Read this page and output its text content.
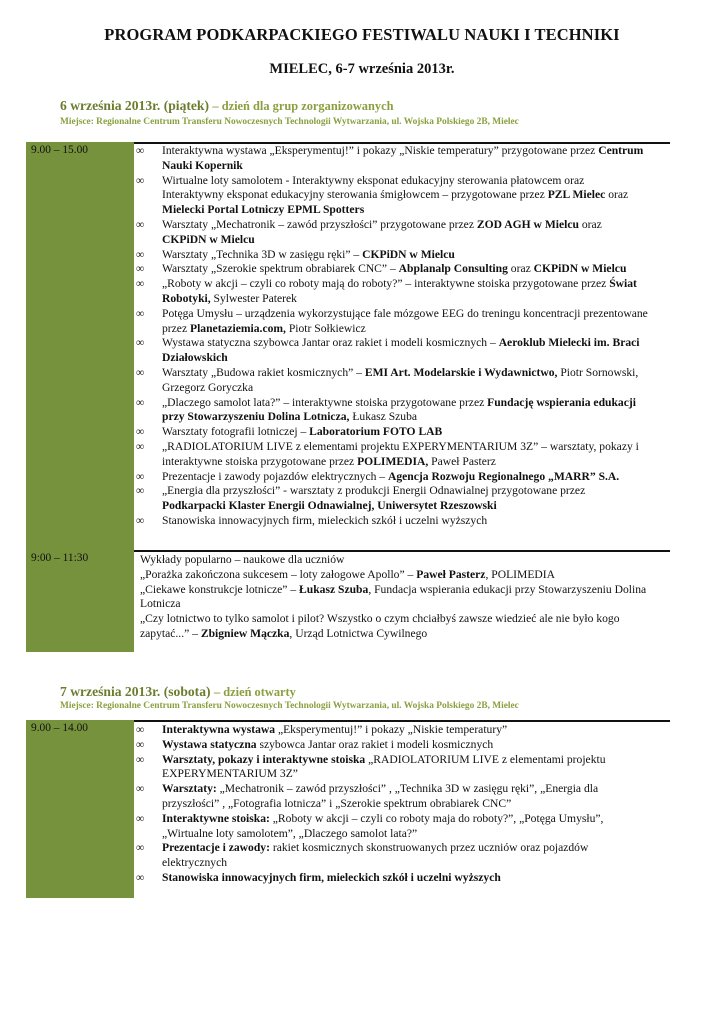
PROGRAM PODKARPACKIEGO FESTIWALU NAUKI I TECHNIKI
MIELEC, 6-7 września 2013r.
6 września 2013r. (piątek) – dzień dla grup zorganizowanych
Miejsce: Regionalne Centrum Transferu Nowoczesnych Technologii Wytwarzania, ul. Wojska Polskiego 2B, Mielec
9.00 – 15.00	∞ Interaktywna wystawa „Eksperymentuj!” i pokazy „Niskie temperatury” przygotowane przez Centrum Nauki Kopernik
∞ Wirtualne loty samolotem - Interaktywny eksponat edukacyjny sterowania płatowcem oraz Interaktywny eksponat edukacyjny sterowania śmigłowcem – przygotowane przez PZL Mielec oraz Mielecki Portal Lotniczy EPML Spotters
∞ Warsztaty „Mechatronik – zawód przyszłości” przygotowane przez ZOD AGH w Mielcu oraz CKPiDN w Mielcu
∞ Warsztaty „Technika 3D w zasięgu ręki” – CKPiDN w Mielcu
∞ Warsztaty „Szerokie spektrum obrabiarek CNC” – Abplanalp Consulting oraz CKPiDN w Mielcu
∞ „Roboty w akcji – czyli co roboty mają do roboty?” – interaktywne stoiska przygotowane przez Świat Robotyki, Sylwester Paterek
∞ Potęga Umysłu – urządzenia wykorzystujące fale mózgowe EEG do treningu koncentracji prezentowane przez Planetaziemia.com, Piotr Sołkiewicz
∞ Wystawa statyczna szybowca Jantar oraz rakiet i modeli kosmicznych – Aeroklub Mielecki im. Braci Działowskich
∞ Warsztaty „Budowa rakiet kosmicznych” – EMI Art. Modelarskie i Wydawnictwo, Piotr Sornowski, Grzegorz Goryczka
∞ „Dlaczego samolot lata?” – interaktywne stoiska przygotowane przez Fundację wspierania edukacji przy Stowarzyszeniu Dolina Lotnicza, Łukasz Szuba
∞ Warsztaty fotografii lotniczej – Laboratorium FOTO LAB
∞ „RADIOLATORIUM LIVE z elementami projektu EXPERYMENTARIUM 3Z” – warsztaty, pokazy i interaktywne stoiska przygotowane przez POLIMEDIA, Paweł Pasterz
∞ Prezentacje i zawody pojazdów elektrycznych – Agencja Rozwoju Regionalnego „MARR” S.A.
∞ „Energia dla przyszłości” - warsztaty z produkcji Energii Odnawialnej przygotowane przez Podkarpacki Klaster Energii Odnawialnej, Uniwersytet Rzeszowski
∞ Stanowiska innowacyjnych firm, mieleckich szkół i uczelni wyższych
9:00 – 11:30	Wykłady popularno – naukowe dla uczniów
„Porażka zakończona sukcesem – loty załogowe Apollo” – Paweł Pasterz, POLIMEDIA
„Ciekawe konstrukcje lotnicze” – Łukasz Szuba, Fundacja wspierania edukacji przy Stowarzyszeniu Dolina Lotnicza
„Czy lotnictwo to tylko samolot i pilot? Wszystko o czym chciałbyś zawsze wiedzieć ale nie było kogo zapytać...” – Zbigniew Mączka, Urząd Lotnictwa Cywilnego
7 września 2013r. (sobota) – dzień otwarty
Miejsce: Regionalne Centrum Transferu Nowoczesnych Technologii Wytwarzania, ul. Wojska Polskiego 2B, Mielec
9.00 – 14.00	∞ Interaktywna wystawa „Eksperymentuj!” i pokazy „Niskie temperatury”
∞ Wystawa statyczna szybowca Jantar oraz rakiet i modeli kosmicznych
∞ Warsztaty, pokazy i interaktywne stoiska „RADIOLATORIUM LIVE z elementami projektu EXPERYMENTARIUM 3Z”
∞ Warsztaty: „Mechatronik – zawód przyszłości” , „Technika 3D w zasięgu ręki”, „Energia dla przyszłości” , „Fotografia lotnicza” i „Szerokie spektrum obrabiarek CNC”
∞ Interaktywne stoiska: „Roboty w akcji – czyli co roboty maja do roboty?”, „Potęga Umysłu”, „Wirtualne loty samolotem”, „Dlaczego samolot lata?”
∞ Prezentacje i zawody: rakiet kosmicznych skonstruowanych przez uczniów oraz pojazdów elektrycznych
∞ Stanowiska innowacyjnych firm, mieleckich szkół i uczelni wyższych
